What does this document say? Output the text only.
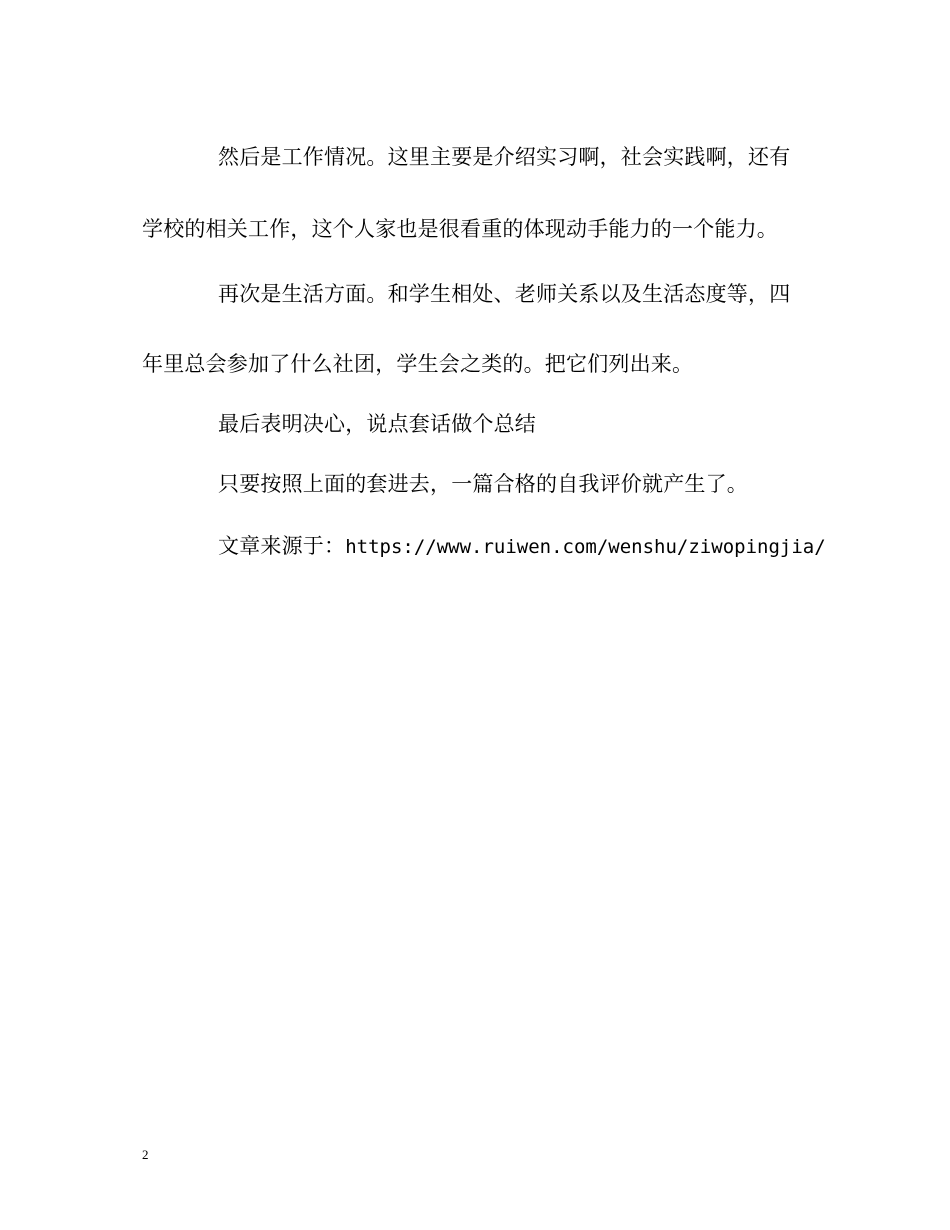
然后是工作情况。这里主要是介绍实习啊，社会实践啊，还有
学校的相关工作，这个人家也是很看重的体现动手能力的一个能力。
再次是生活方面。和学生相处、老师关系以及生活态度等，四
年里总会参加了什么社团，学生会之类的。把它们列出来。
最后表明决心，说点套话做个总结
只要按照上面的套进去，一篇合格的自我评价就产生了。
文章来源于：https://www.ruiwen.com/wenshu/ziwopingjia/
2
